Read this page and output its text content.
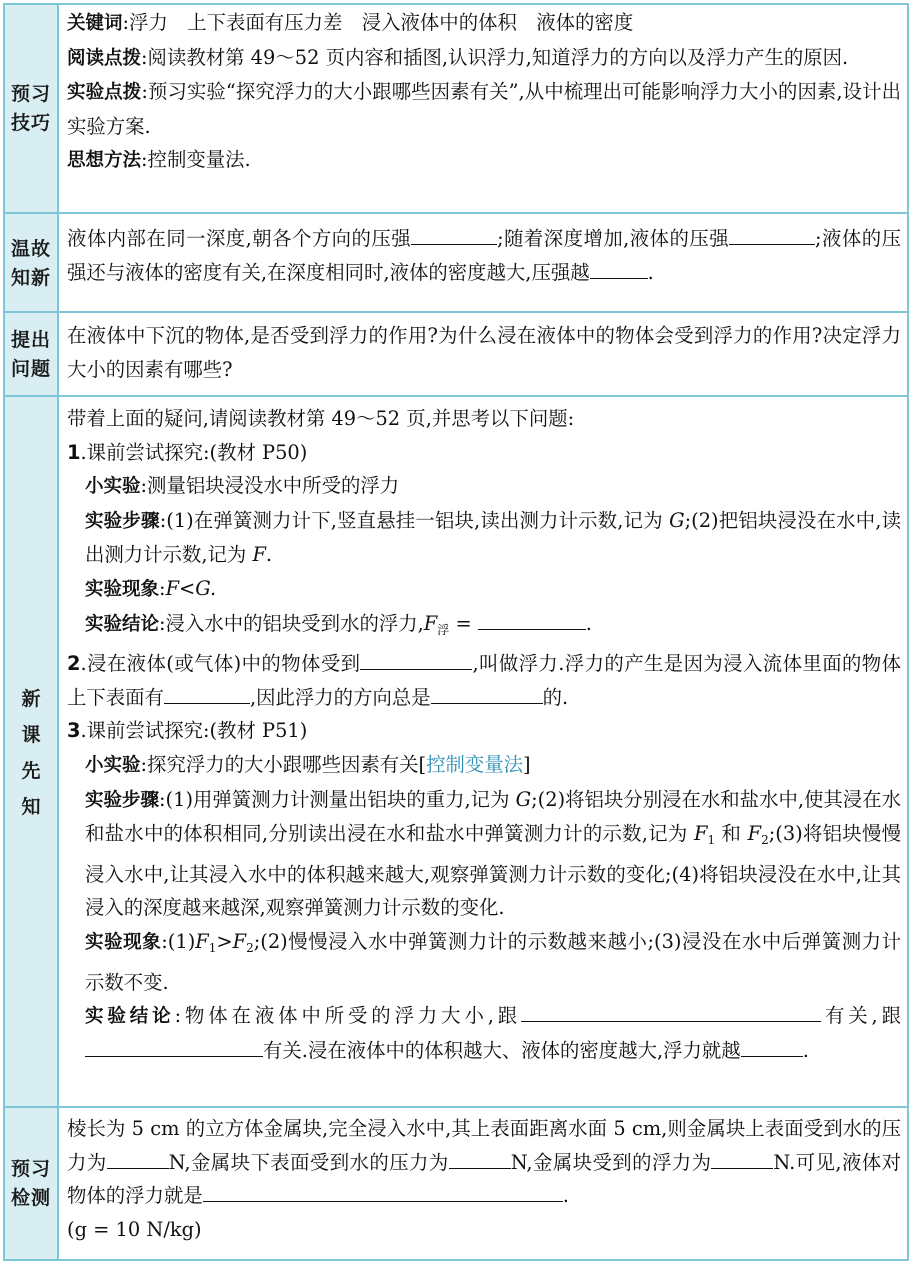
预习技巧

关键词:浮力　上下表面有压力差　浸入液体中的体积　液体的密度

阅读点拨:阅读教材第 49～52 页内容和插图,认识浮力,知道浮力的方向以及浮力产生的原因.

实验点拨:预习实验“探究浮力的大小跟哪些因素有关”,从中梳理出可能影响浮力大小的因素,设计出实验方案.

思想方法:控制变量法.

温故知新

液体内部在同一深度,朝各个方向的压强	;随着深度增加,液体的压强	;液体的压强还与液体的密度有关,在深度相同时,液体的密度越大,压强越	.

提出问题

在液体中下沉的物体,是否受到浮力的作用?为什么浸在液体中的物体会受到浮力的作用?决定浮力大小的因素有哪些?

新课先知

带着上面的疑问,请阅读教材第 49～52 页,并思考以下问题:

1.课前尝试探究:(教材 P50)

小实验:测量铝块浸没水中所受的浮力

实验步骤:(1)在弹簧测力计下,竖直悬挂一铝块,读出测力计示数,记为 G;(2)把铝块浸没在水中,读出测力计示数,记为 F.

实验现象:F<G.

实验结论:浸入水中的铝块受到水的浮力$,F_浮$ =	.

2.浸在液体(或气体)中的物体受到	,叫做浮力.浮力的产生是因为浸入流体里面的物体上下表面有	,因此浮力的方向总是	的.

3.课前尝试探究:(教材 P51)

小实验:探究浮力的大小跟哪些因素有关[控制变量法]

实验步骤:(1)用弹簧测力计测量出铝块的重力,记为 G;(2)将铝块分别浸在水和盐水中,使其浸在水和盐水中的体积相同,分别读出浸在水和盐水中弹簧测力计的示数,记为 $F_1$ 和 $F_2;(3)$将铝块慢慢浸入水中,让其浸入水中的体积越来越大,观察弹簧测力计示数的变化;(4)将铝块浸没在水中,让其浸入的深度越来越深,观察弹簧测力计示数的变化.

实验现象$:(1)F_1>F_2;(2)$慢慢浸入水中弹簧测力计的示数越来越小;(3)浸没在水中后弹簧测力计示数不变.

实验结论:物体在液体中所受的浮力大小,跟	有关,跟有关.浸在液体中的体积越大、液体的密度越大,浮力就越	.

预习检测

棱长为 5 cm 的立方体金属块,完全浸入水中,其上表面距离水面 5 cm,则金属块上表面受到水的压力为	N,金属块下表面受到水的压力为	N,金属块受到的浮力为	N.可见,液体对物体的浮力就是	.

(g = 10 N/kg)
